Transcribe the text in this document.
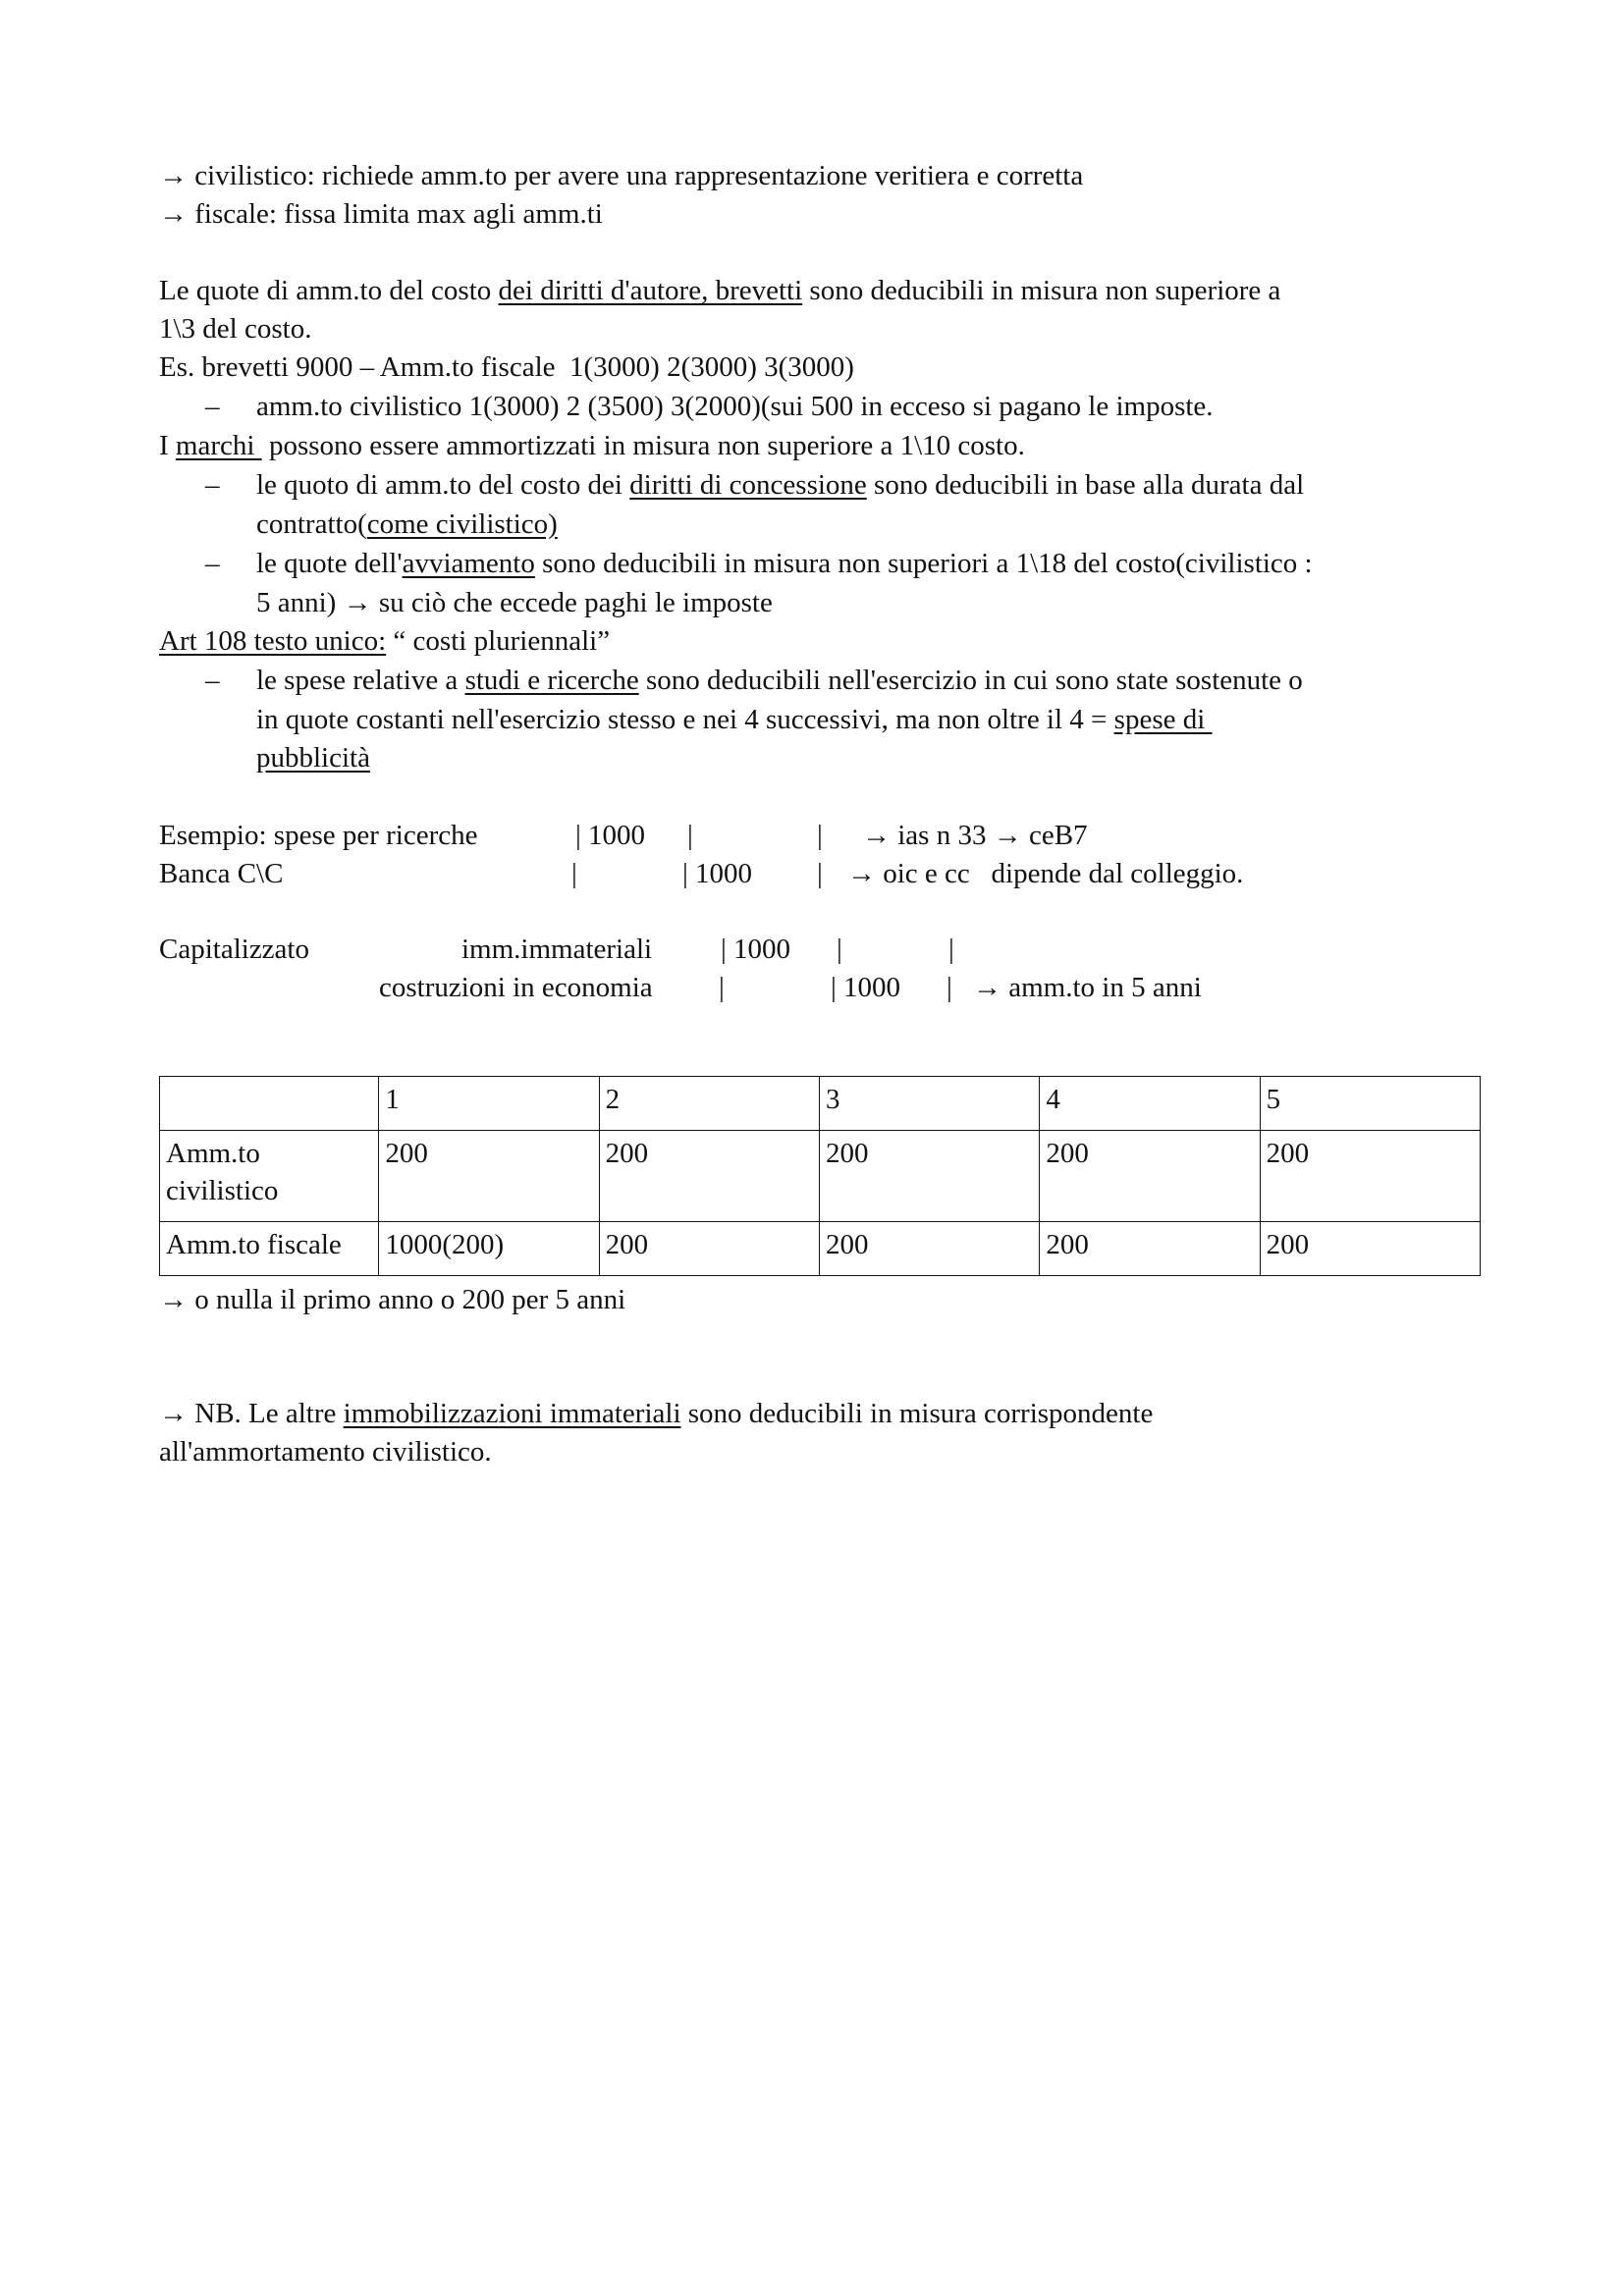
→ civilistico: richiede amm.to per avere una rappresentazione veritiera e corretta
→ fiscale: fissa limita max agli amm.ti
Le quote di amm.to del costo dei diritti d'autore, brevetti sono deducibili in misura non superiore a
1\3 del costo.
Es. brevetti 9000 – Amm.to fiscale  1(3000) 2(3000) 3(3000)
– amm.to civilistico 1(3000) 2 (3500) 3(2000)(sui 500 in ecceso si pagano le imposte.
I marchi  possono essere ammortizzati in misura non superiore a 1\10 costo.
– le quoto di amm.to del costo dei diritti di concessione sono deducibili in base alla durata dal
contratto(come civilistico)
– le quote dell'avviamento sono deducibili in misura non superiori a 1\18 del costo(civilistico :
5 anni) → su ciò che eccede paghi le imposte
Art 108 testo unico: “ costi pluriennali”
– le spese relative a studi e ricerche sono deducibili nell'esercizio in cui sono state sostenute o
in quote costanti nell'esercizio stesso e nei 4 successivi, ma non oltre il 4 = spese di
pubblicità
Esempio: spese per ricerche	| 1000 |	| → ias n 33 → ceB7
Banca C\C	|	| 1000 | → oic e cc   dipende dal colleggio.
Capitalizzato	imm.immateriali | 1000 |	|
costruzioni in economia |	| 1000 | → amm.to in 5 anni
	1	2	3	4	5
Amm.to civilistico	200	200	200	200	200
Amm.to fiscale	1000(200)	200	200	200	200
→ o nulla il primo anno o 200 per 5 anni
→ NB. Le altre immobilizzazioni immateriali sono deducibili in misura corrispondente
all'ammortamento civilistico.
